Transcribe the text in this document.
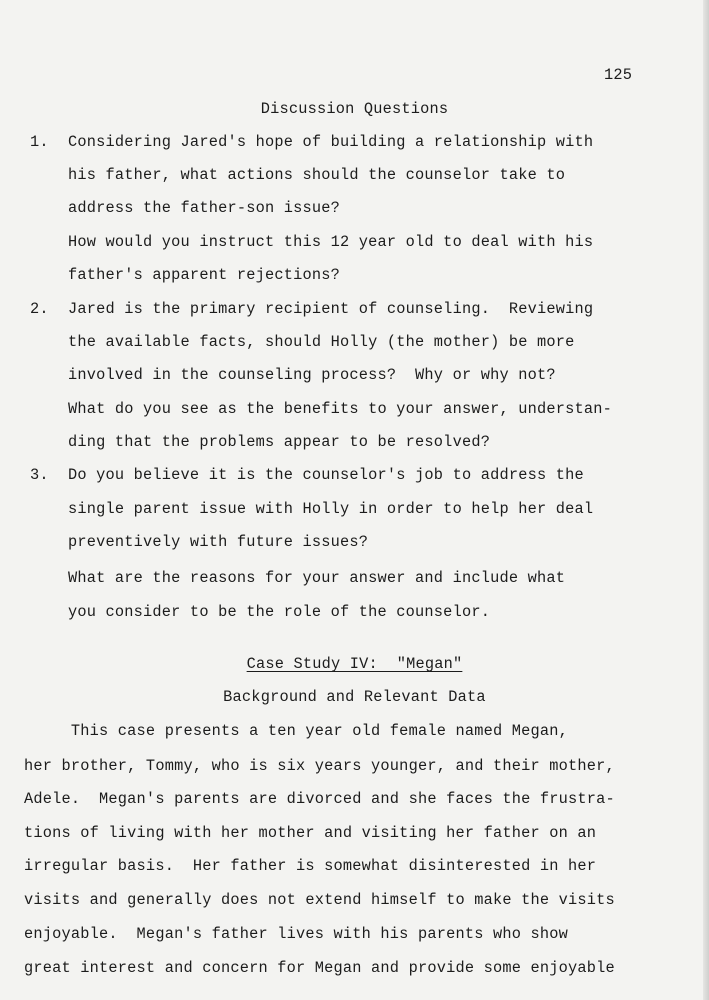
125
Discussion Questions
1. Considering Jared's hope of building a relationship with
his father, what actions should the counselor take to
address the father-son issue?
How would you instruct this 12 year old to deal with his
father's apparent rejections?
2. Jared is the primary recipient of counseling.  Reviewing
the available facts, should Holly (the mother) be more
involved in the counseling process?  Why or why not?
What do you see as the benefits to your answer, understan-
ding that the problems appear to be resolved?
3. Do you believe it is the counselor's job to address the
single parent issue with Holly in order to help her deal
preventively with future issues?
What are the reasons for your answer and include what
you consider to be the role of the counselor.
Case Study IV:  "Megan"
Background and Relevant Data
This case presents a ten year old female named Megan,
her brother, Tommy, who is six years younger, and their mother,
Adele.  Megan's parents are divorced and she faces the frustra-
tions of living with her mother and visiting her father on an
irregular basis.  Her father is somewhat disinterested in her
visits and generally does not extend himself to make the visits
enjoyable.  Megan's father lives with his parents who show
great interest and concern for Megan and provide some enjoyable
